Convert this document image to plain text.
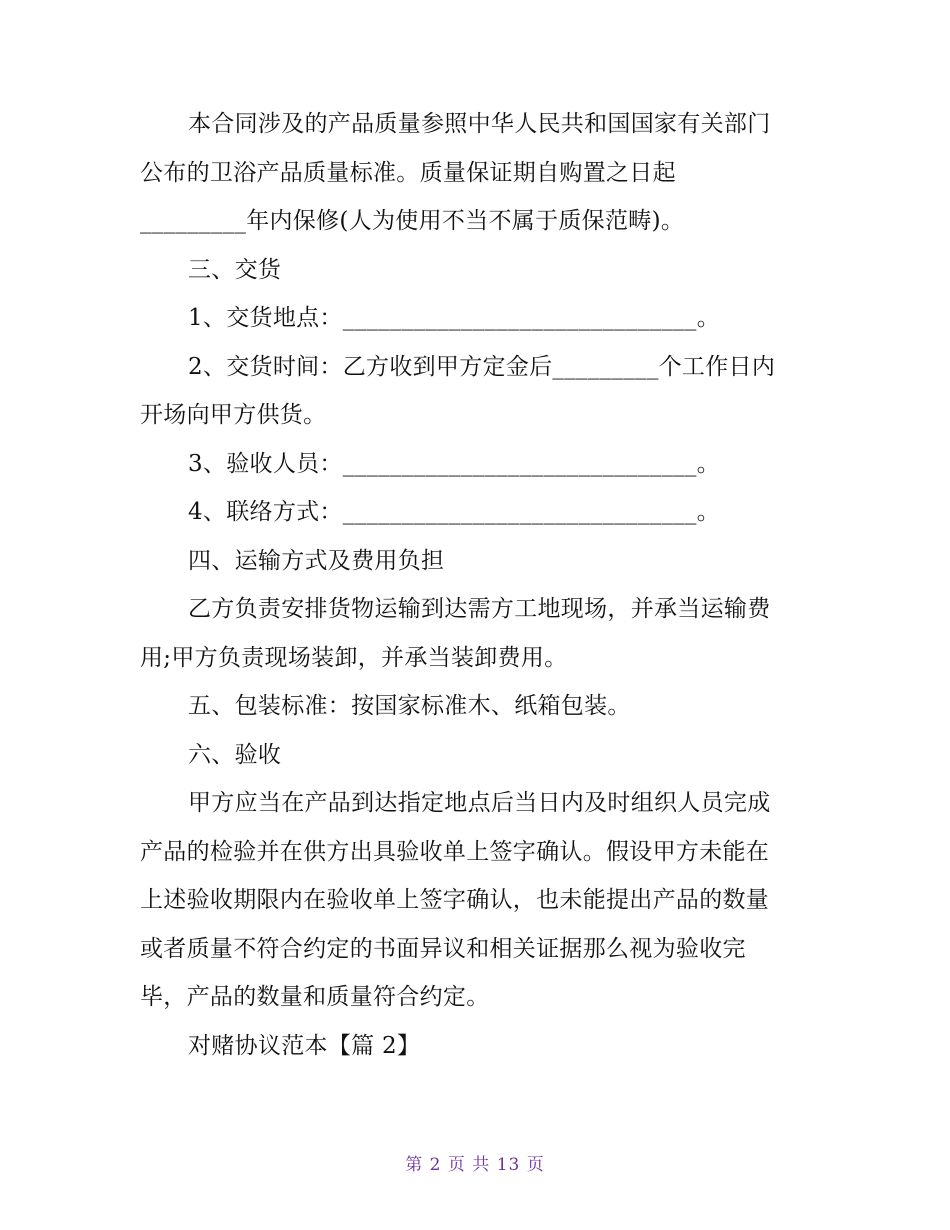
本合同涉及的产品质量参照中华人民共和国国家有关部门
公布的卫浴产品质量标准。质量保证期自购置之日起
_________年内保修(人为使用不当不属于质保范畴)。
三、交货
1、交货地点：______________________________。
2、交货时间：乙方收到甲方定金后_________个工作日内
开场向甲方供货。
3、验收人员：______________________________。
4、联络方式：______________________________。
四、运输方式及费用负担
乙方负责安排货物运输到达需方工地现场，并承当运输费
用;甲方负责现场装卸，并承当装卸费用。
五、包装标准：按国家标准木、纸箱包装。
六、验收
甲方应当在产品到达指定地点后当日内及时组织人员完成
产品的检验并在供方出具验收单上签字确认。假设甲方未能在
上述验收期限内在验收单上签字确认，也未能提出产品的数量
或者质量不符合约定的书面异议和相关证据那么视为验收完
毕，产品的数量和质量符合约定。
对赌协议范本【篇 2】
第 2 页 共 13 页
